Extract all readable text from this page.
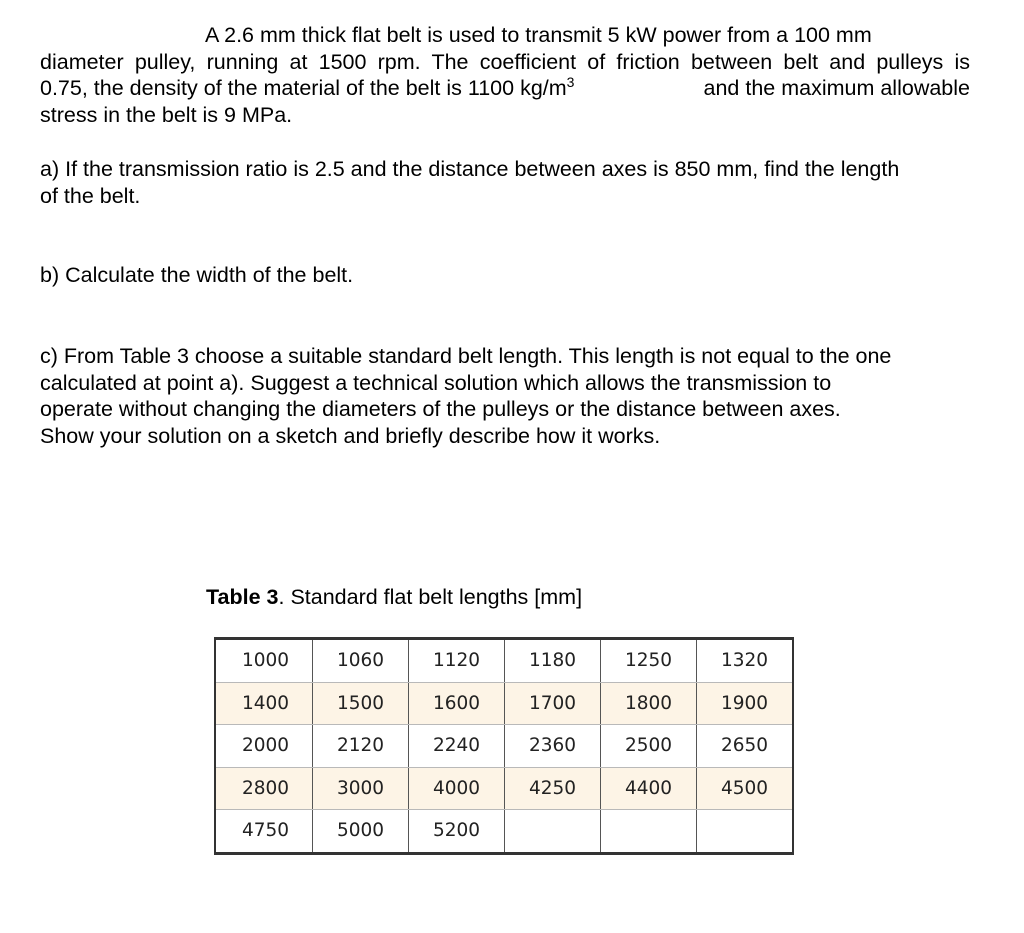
A 2.6 mm thick flat belt is used to transmit 5 kW power from a 100 mm
diameter pulley, running at 1500 rpm. The coefficient of friction between belt and pulleys is
0.75, the density of the material of the belt is 1100 $kg/m^3$	and the maximum allowable
stress in the belt is 9 MPa.
a) If the transmission ratio is 2.5 and the distance between axes is 850 mm, find the length
of the belt.
b) Calculate the width of the belt.
c) From Table 3 choose a suitable standard belt length. This length is not equal to the one
calculated at point a). Suggest a technical solution which allows the transmission to
operate without changing the diameters of the pulleys or the distance between axes.
Show your solution on a sketch and briefly describe how it works.
Table 3. Standard flat belt lengths [mm]
1000	1060	1120	1180	1250	1320
1400	1500	1600	1700	1800	1900
2000	2120	2240	2360	2500	2650
2800	3000	4000	4250	4400	4500
4750	5000	5200			
